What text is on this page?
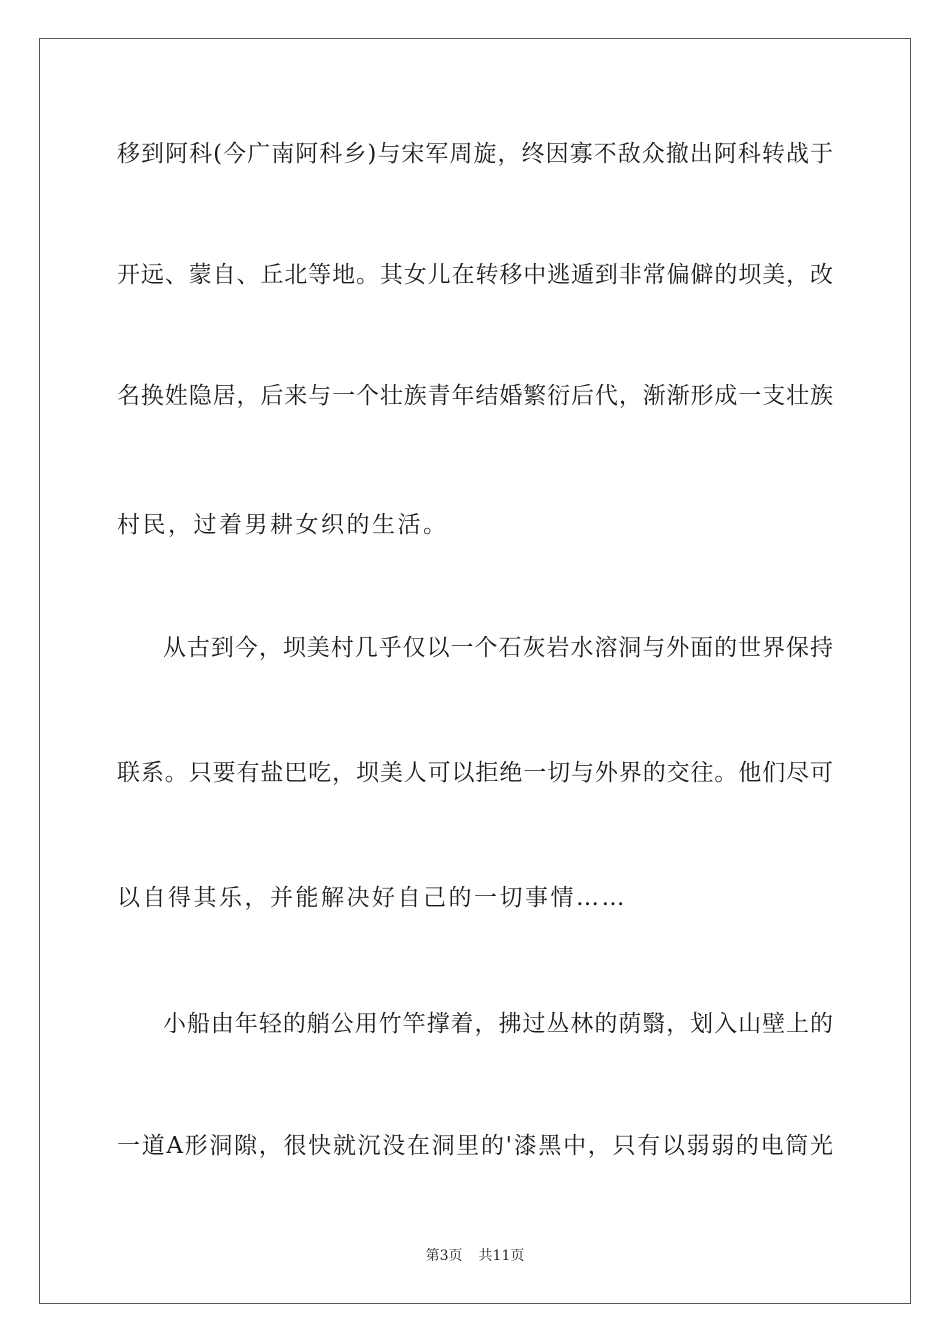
移到阿科(今广南阿科乡)与宋军周旋，终因寡不敌众撤出阿科转战于
开远、蒙自、丘北等地。其女儿在转移中逃遁到非常偏僻的坝美，改
名换姓隐居，后来与一个壮族青年结婚繁衍后代，渐渐形成一支壮族
村民，过着男耕女织的生活。
从古到今，坝美村几乎仅以一个石灰岩水溶洞与外面的世界保持
联系。只要有盐巴吃，坝美人可以拒绝一切与外界的交往。他们尽可
以自得其乐，并能解决好自己的一切事情……
小船由年轻的艄公用竹竿撑着，拂过丛林的荫翳，划入山壁上的
一道A形洞隙，很快就沉没在洞里的'漆黑中，只有以弱弱的电筒光
第3页 共11页
